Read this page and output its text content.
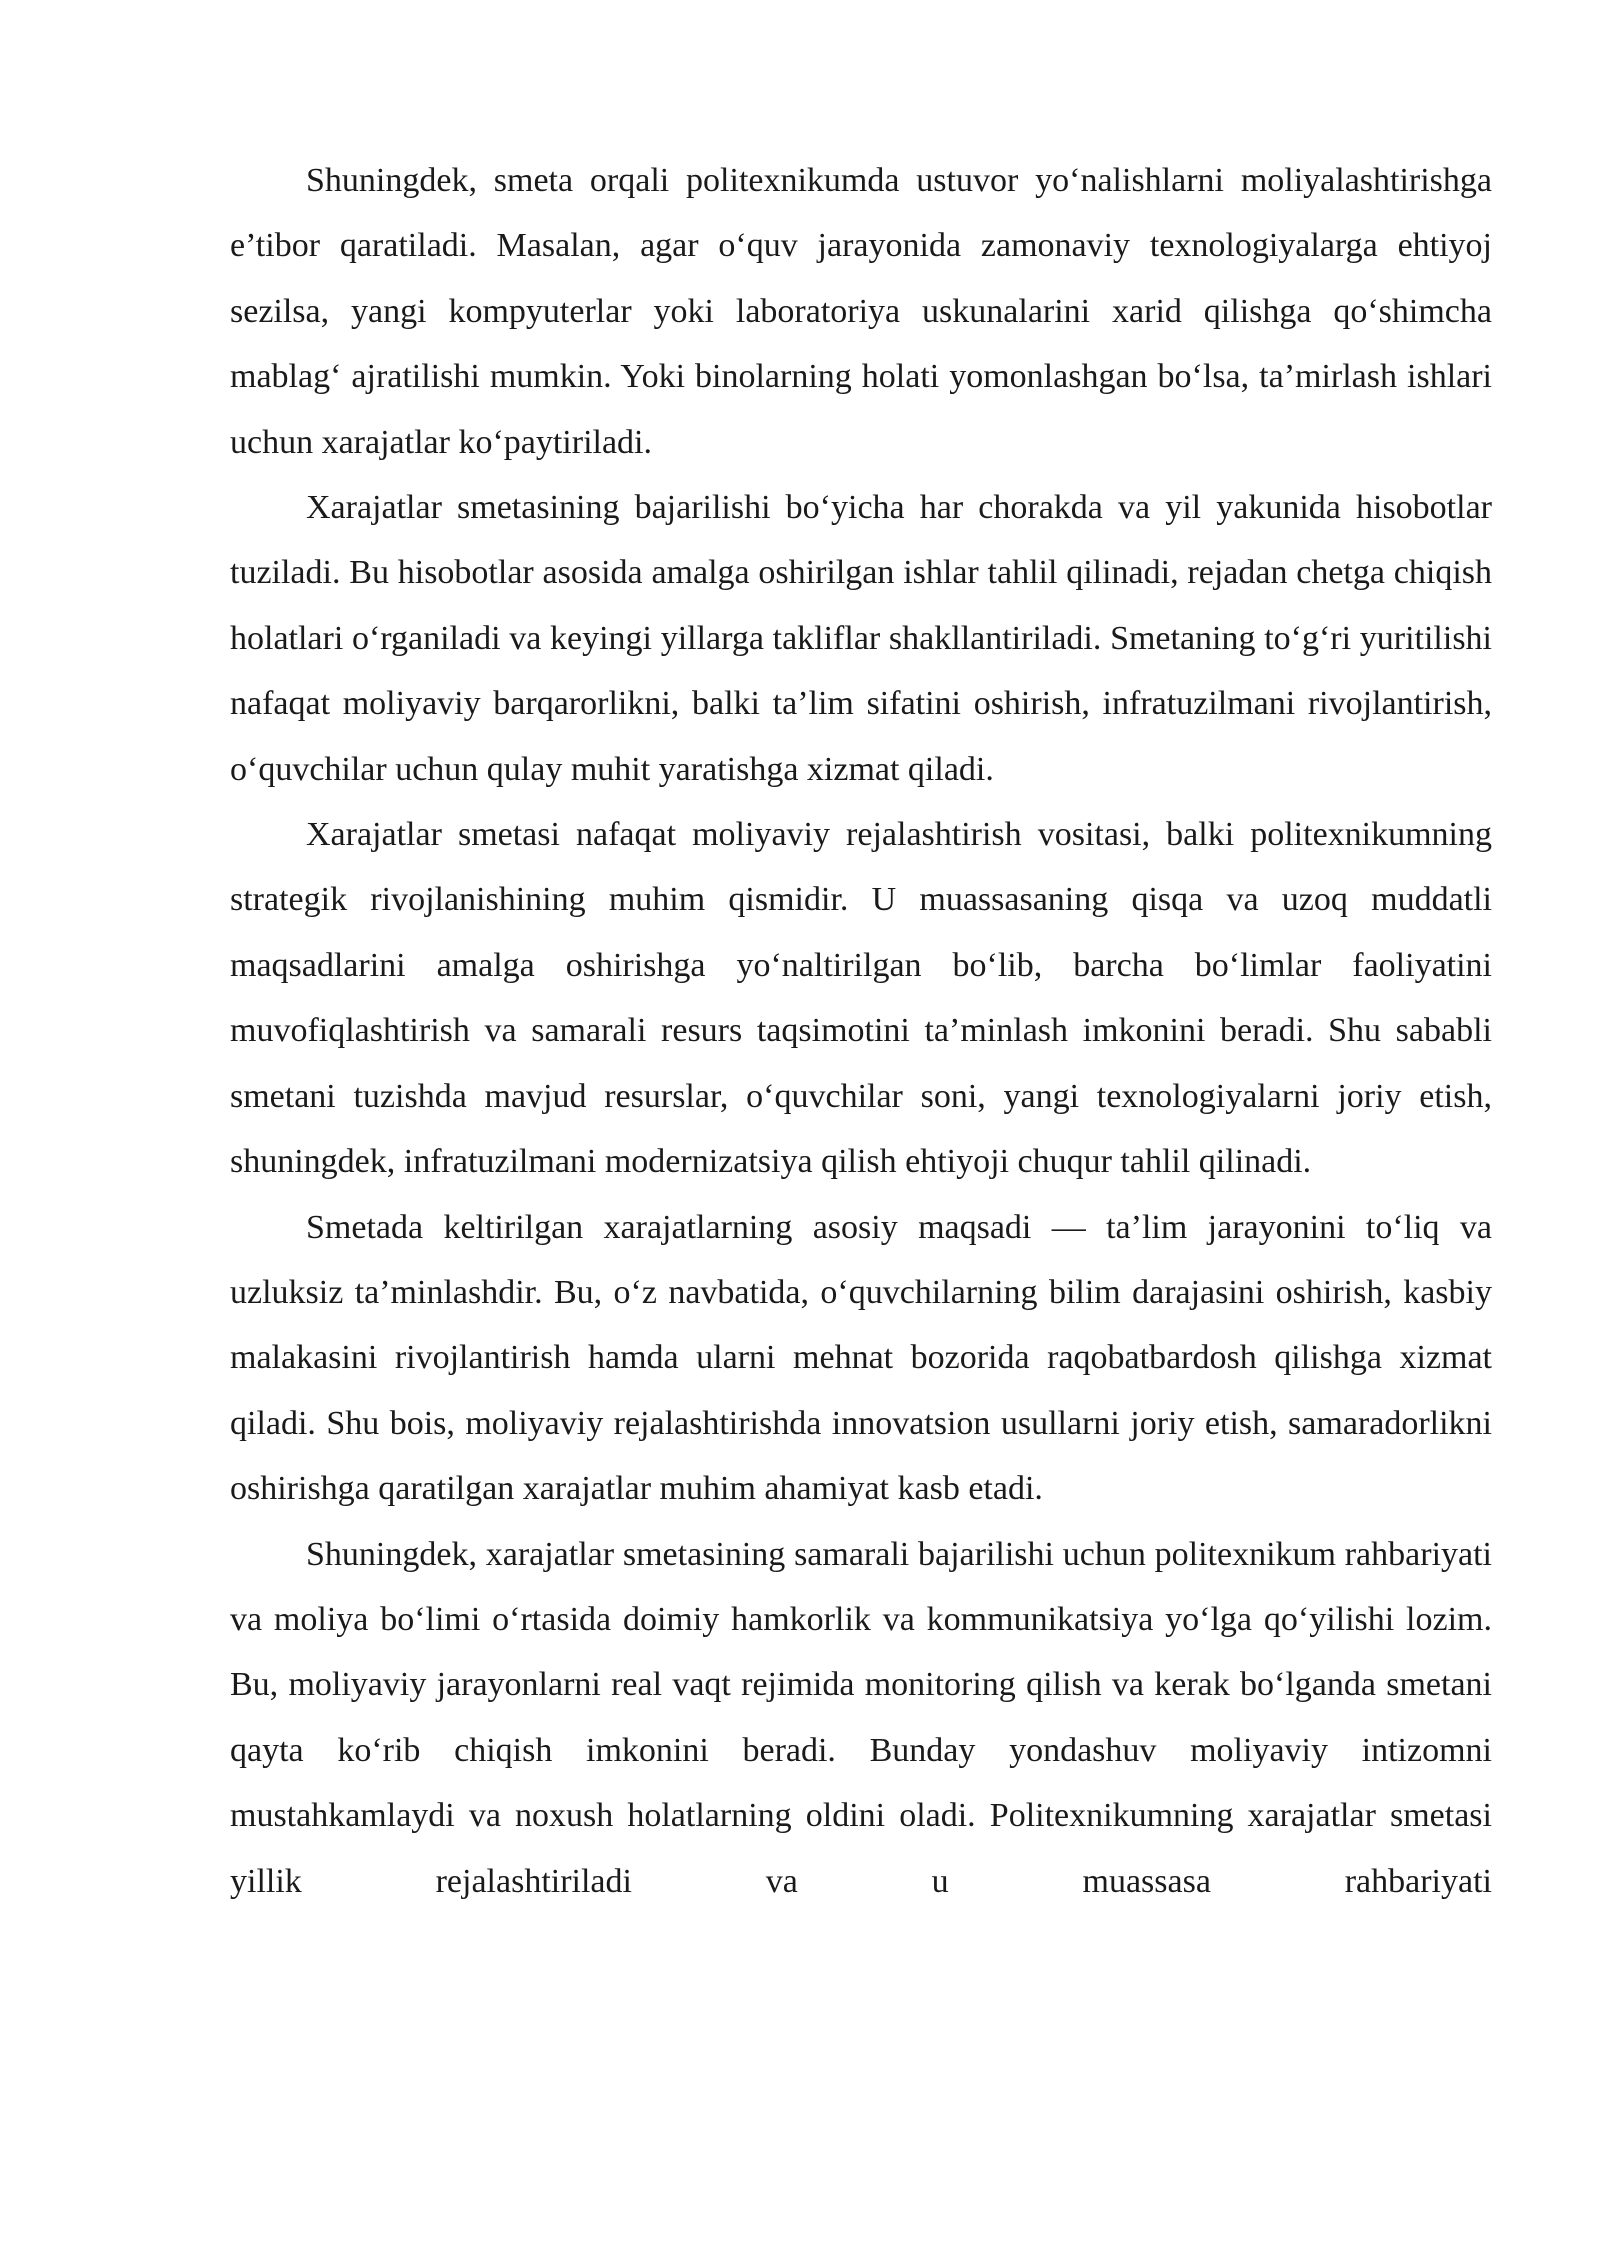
Shuningdek, smeta orqali politexnikumda ustuvor yo‘nalishlarni moliyalashtirishga e’tibor qaratiladi. Masalan, agar o‘quv jarayonida zamonaviy texnologiyalarga ehtiyoj sezilsa, yangi kompyuterlar yoki laboratoriya uskunalarini xarid qilishga qo‘shimcha mablag‘ ajratilishi mumkin. Yoki binolarning holati yomonlashgan bo‘lsa, ta’mirlash ishlari uchun xarajatlar ko‘paytiriladi.

Xarajatlar smetasining bajarilishi bo‘yicha har chorakda va yil yakunida hisobotlar tuziladi. Bu hisobotlar asosida amalga oshirilgan ishlar tahlil qilinadi, rejadan chetga chiqish holatlari o‘rganiladi va keyingi yillarga takliflar shakllantiriladi. Smetaning to‘g‘ri yuritilishi nafaqat moliyaviy barqarorlikni, balki ta’lim sifatini oshirish, infratuzilmani rivojlantirish, o‘quvchilar uchun qulay muhit yaratishga xizmat qiladi.

Xarajatlar smetasi nafaqat moliyaviy rejalashtirish vositasi, balki politexnikumning strategik rivojlanishining muhim qismidir. U muassasaning qisqa va uzoq muddatli maqsadlarini amalga oshirishga yo‘naltirilgan bo‘lib, barcha bo‘limlar faoliyatini muvofiqlashtirish va samarali resurs taqsimotini ta’minlash imkonini beradi. Shu sababli smetani tuzishda mavjud resurslar, o‘quvchilar soni, yangi texnologiyalarni joriy etish, shuningdek, infratuzilmani modernizatsiya qilish ehtiyoji chuqur tahlil qilinadi.

Smetada keltirilgan xarajatlarning asosiy maqsadi — ta’lim jarayonini to‘liq va uzluksiz ta’minlashdir. Bu, o‘z navbatida, o‘quvchilarning bilim darajasini oshirish, kasbiy malakasini rivojlantirish hamda ularni mehnat bozorida raqobatbardosh qilishga xizmat qiladi. Shu bois, moliyaviy rejalashtirishda innovatsion usullarni joriy etish, samaradorlikni oshirishga qaratilgan xarajatlar muhim ahamiyat kasb etadi.

Shuningdek, xarajatlar smetasining samarali bajarilishi uchun politexnikum rahbariyati va moliya bo‘limi o‘rtasida doimiy hamkorlik va kommunikatsiya yo‘lga qo‘yilishi lozim. Bu, moliyaviy jarayonlarni real vaqt rejimida monitoring qilish va kerak bo‘lganda smetani qayta ko‘rib chiqish imkonini beradi. Bunday yondashuv moliyaviy intizomni mustahkamlaydi va noxush holatlarning oldini oladi. Politexnikumning xarajatlar smetasi yillik rejalashtiriladi va u muassasa rahbariyati
